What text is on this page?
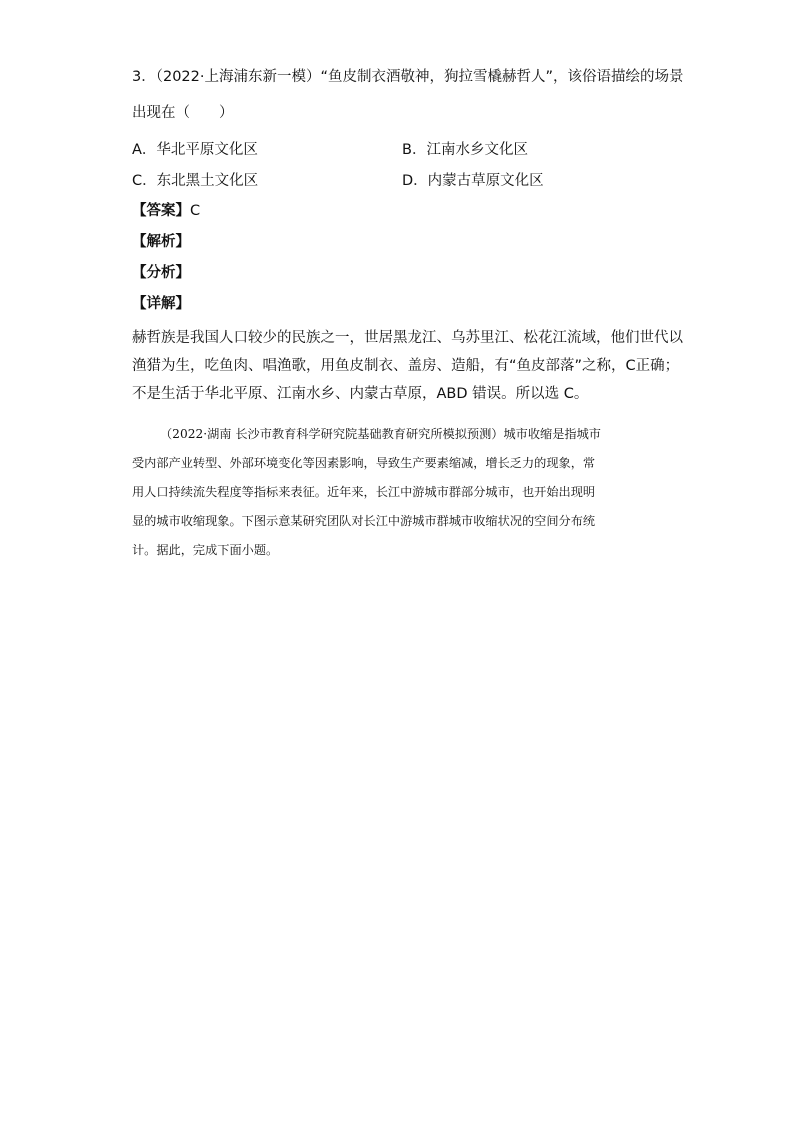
3．（2022·上海浦东新一模）“鱼皮制衣酒敬神，狗拉雪橇赫哲人”，该俗语描绘的场景
出现在（　　）
A．华北平原文化区	B．江南水乡文化区
C．东北黑土文化区	D．内蒙古草原文化区
【答案】C
【解析】
【分析】
【详解】
赫哲族是我国人口较少的民族之一，世居黑龙江、乌苏里江、松花江流域，他们世代以
渔猎为生，吃鱼肉、唱渔歌，用鱼皮制衣、盖房、造船，有“鱼皮部落”之称，C正确；
不是生活于华北平原、江南水乡、内蒙古草原，ABD 错误。所以选 C。
（2022·湖南 长沙市教育科学研究院基础教育研究所模拟预测）城市收缩是指城市
受内部产业转型、外部环境变化等因素影响，导致生产要素缩减，增长乏力的现象，常
用人口持续流失程度等指标来表征。近年来，长江中游城市群部分城市，也开始出现明
显的城市收缩现象。下图示意某研究团队对长江中游城市群城市收缩状况的空间分布统
计。据此，完成下面小题。
